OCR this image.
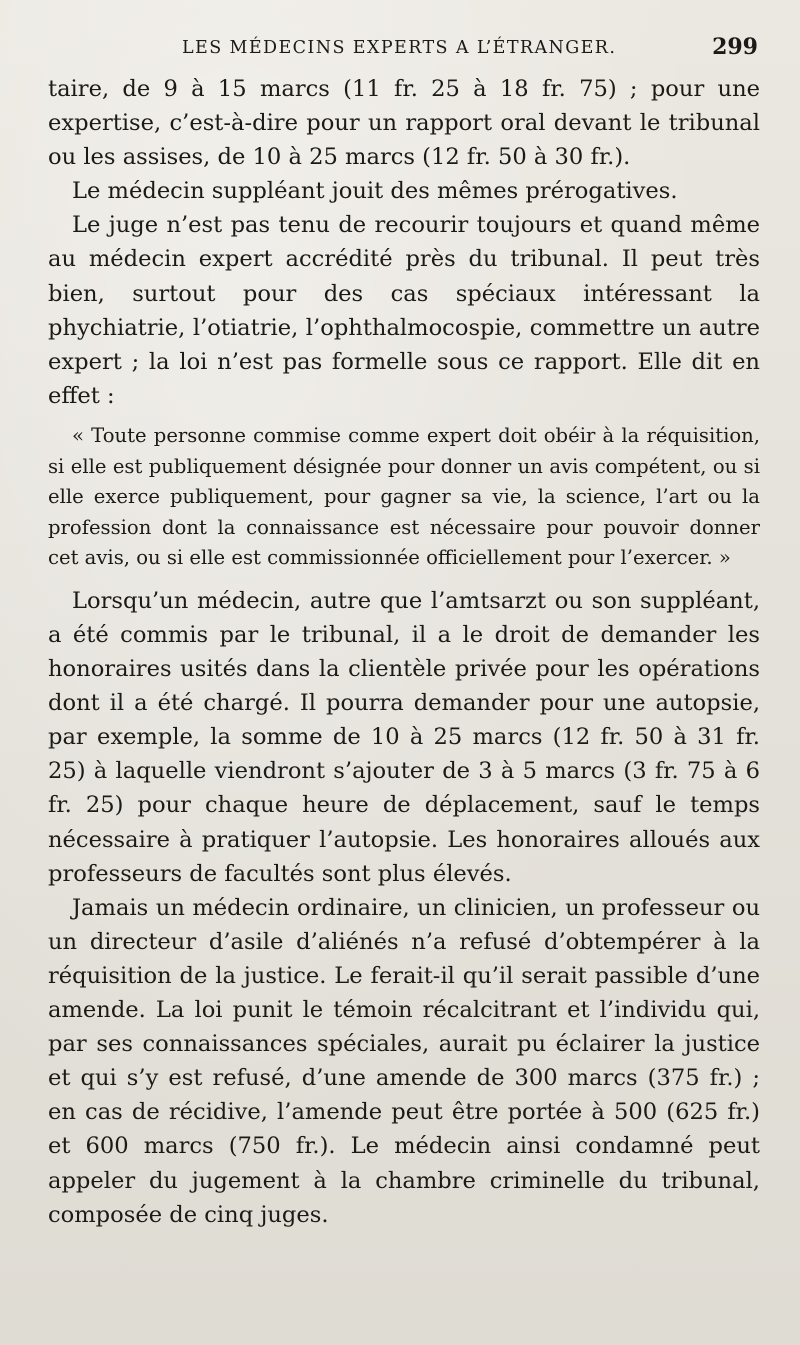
LES MÉDECINS EXPERTS A L’ÉTRANGER.	299

taire, de 9 à 15 marcs (11 fr. 25 à 18 fr. 75) ; pour une expertise, c’est-à-dire pour un rapport oral devant le tribunal ou les assises, de 10 à 25 marcs (12 fr. 50 à 30 fr.).

Le médecin suppléant jouit des mêmes prérogatives.

Le juge n’est pas tenu de recourir toujours et quand même au médecin expert accrédité près du tribunal. Il peut très bien, surtout pour des cas spéciaux intéressant la phychiatrie, l’otiatrie, l’ophthalmocospie, commettre un autre expert ; la loi n’est pas formelle sous ce rapport. Elle dit en effet :

« Toute personne commise comme expert doit obéir à la réquisition, si elle est publiquement désignée pour donner un avis compétent, ou si elle exerce publiquement, pour gagner sa vie, la science, l’art ou la profession dont la connaissance est nécessaire pour pouvoir donner cet avis, ou si elle est commissionnée officiellement pour l’exercer. »

Lorsqu’un médecin, autre que l’amtsarzt ou son suppléant, a été commis par le tribunal, il a le droit de demander les honoraires usités dans la clientèle privée pour les opérations dont il a été chargé. Il pourra demander pour une autopsie, par exemple, la somme de 10 à 25 marcs (12 fr. 50 à 31 fr. 25) à laquelle viendront s’ajouter de 3 à 5 marcs (3 fr. 75 à 6 fr. 25) pour chaque heure de déplacement, sauf le temps nécessaire à pratiquer l’autopsie. Les honoraires alloués aux professeurs de facultés sont plus élevés.

Jamais un médecin ordinaire, un clinicien, un professeur ou un directeur d’asile d’aliénés n’a refusé d’obtempérer à la réquisition de la justice. Le ferait-il qu’il serait passible d’une amende. La loi punit le témoin récalcitrant et l’individu qui, par ses connaissances spéciales, aurait pu éclairer la justice et qui s’y est refusé, d’une amende de 300 marcs (375 fr.) ; en cas de récidive, l’amende peut être portée à 500 (625 fr.) et 600 marcs (750 fr.). Le médecin ainsi condamné peut appeler du jugement à la chambre criminelle du tribunal, composée de cinq juges.
